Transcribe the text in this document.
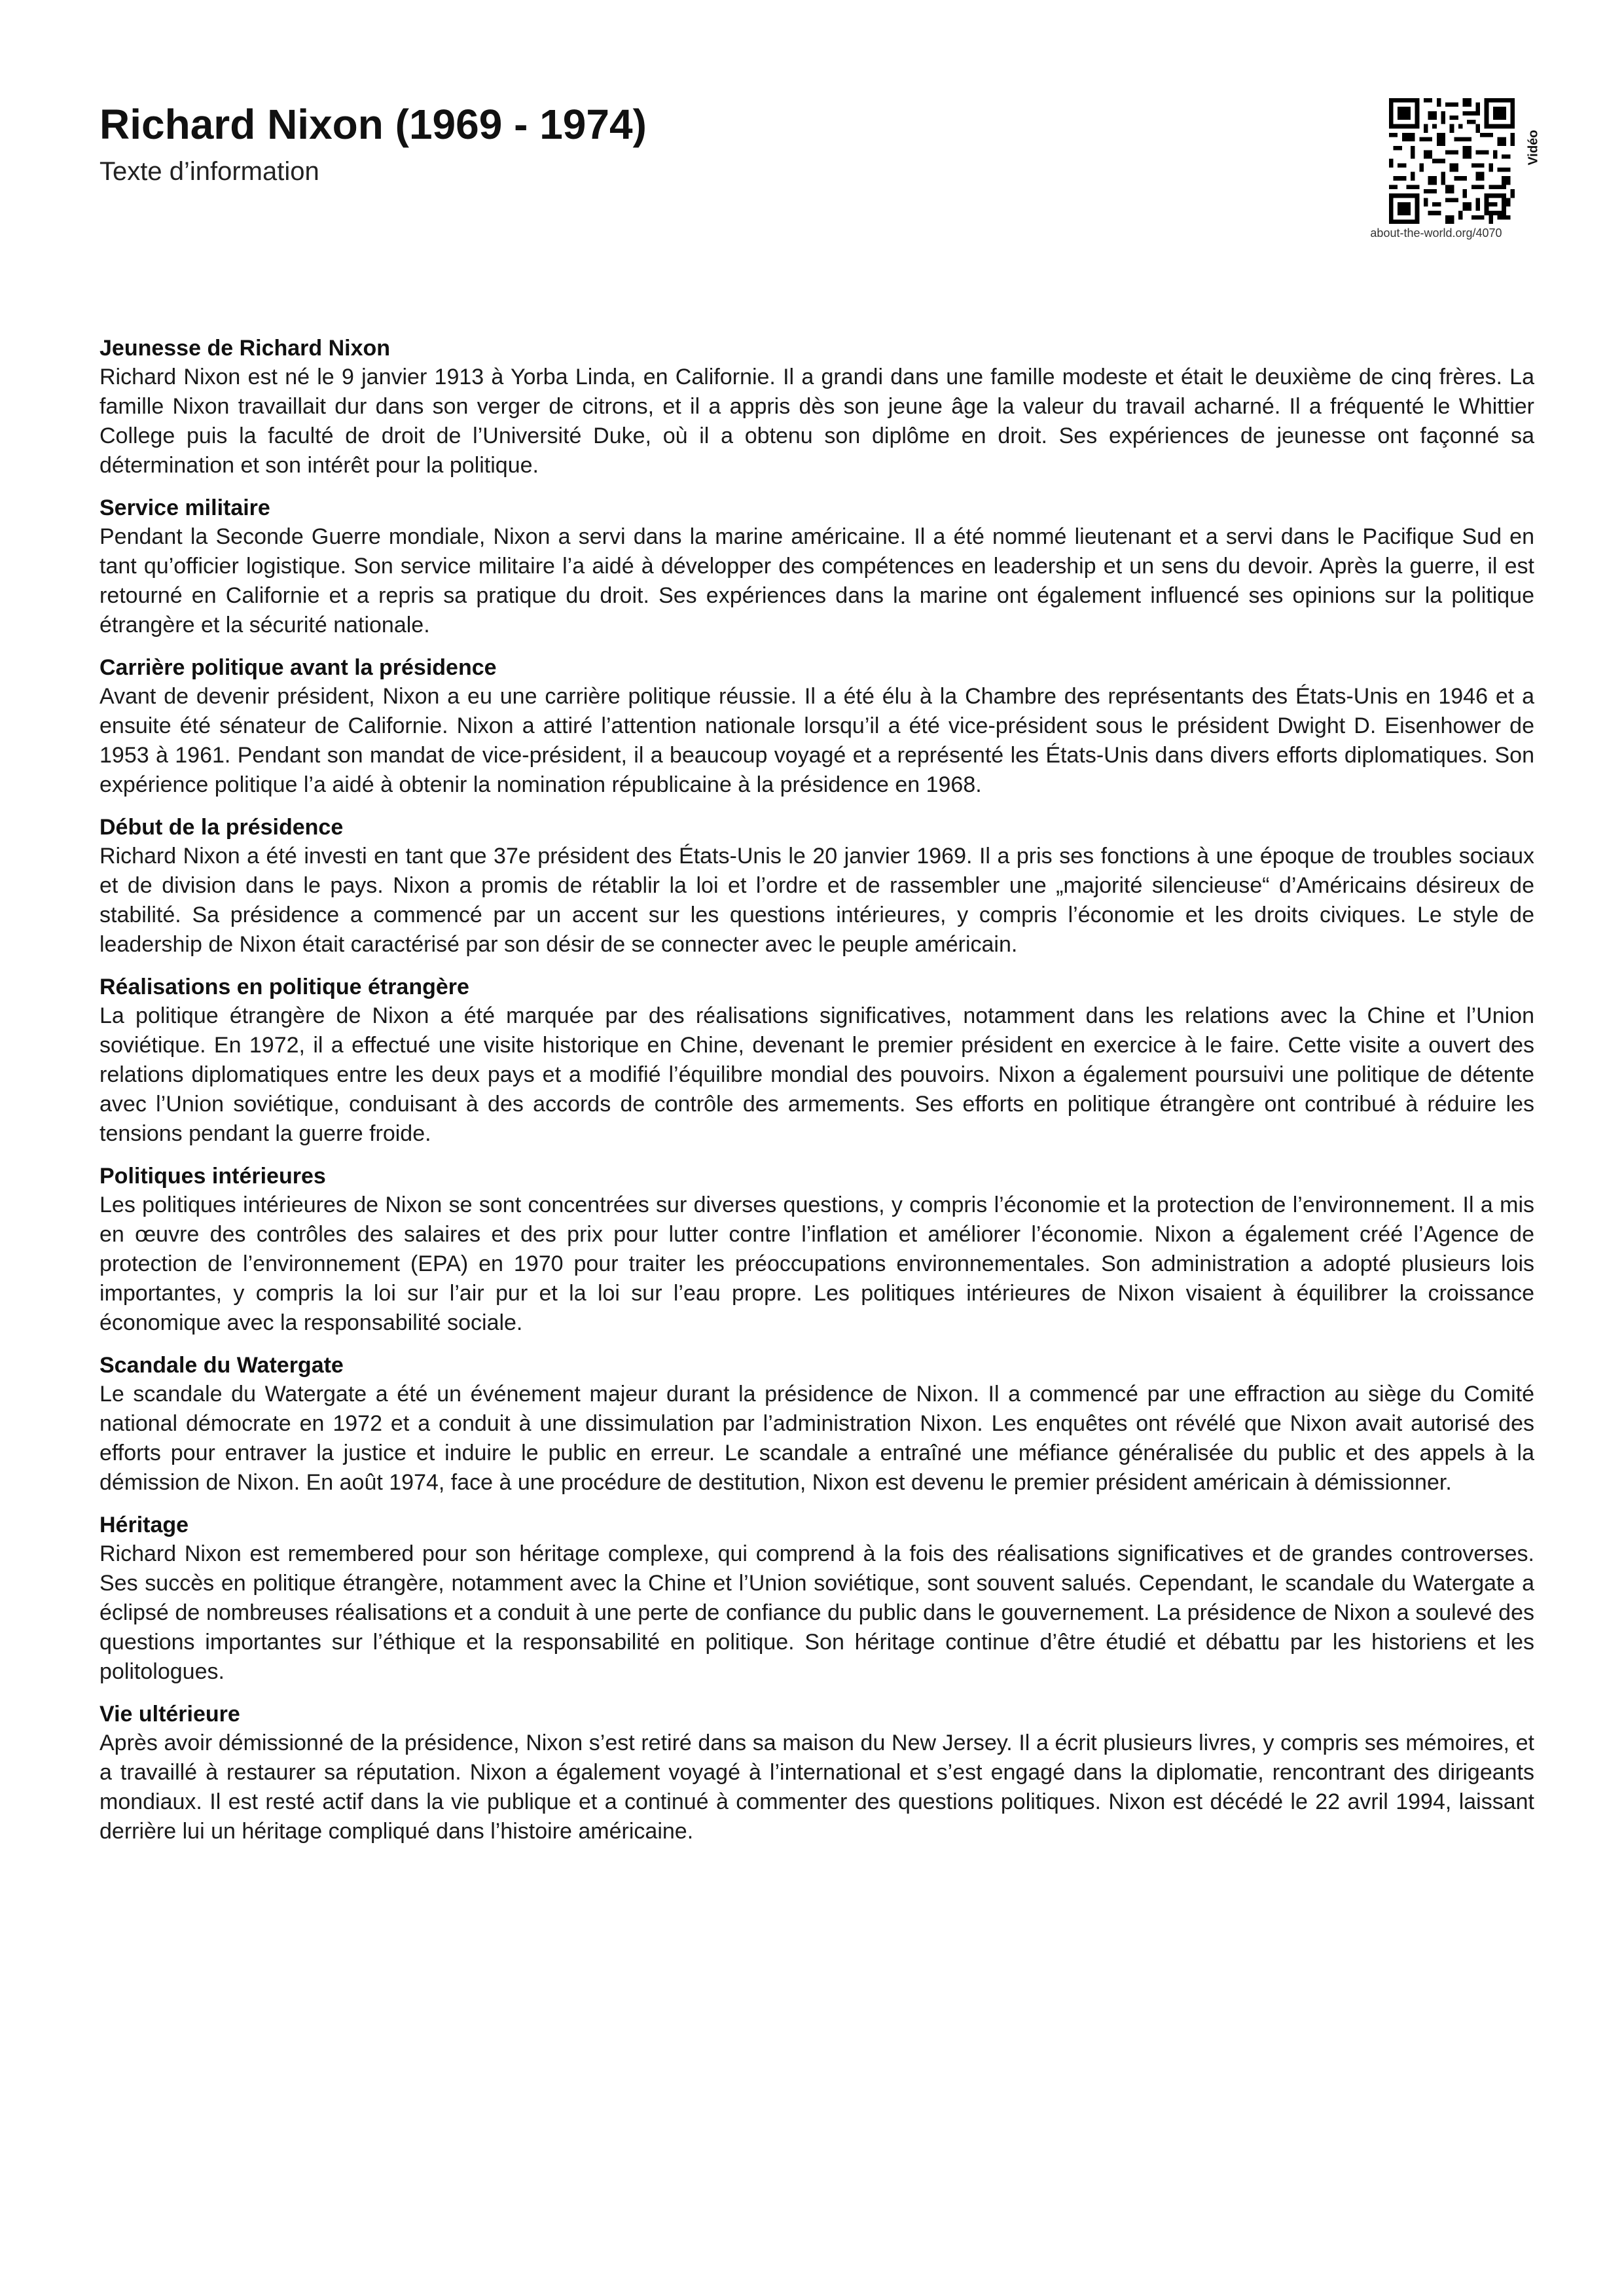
Richard Nixon (1969 - 1974)
Texte d’information
about-the-world.org/4070
Vidéo
Jeunesse de Richard Nixon

Richard Nixon est né le 9 janvier 1913 à Yorba Linda, en Californie. Il a grandi dans une famille modeste et était le deuxième de cinq frères. La famille Nixon travaillait dur dans son verger de citrons, et il a appris dès son jeune âge la valeur du travail acharné. Il a fréquenté le Whittier College puis la faculté de droit de l’Université Duke, où il a obtenu son diplôme en droit. Ses expériences de jeunesse ont façonné sa détermination et son intérêt pour la politique.

Service militaire

Pendant la Seconde Guerre mondiale, Nixon a servi dans la marine américaine. Il a été nommé lieutenant et a servi dans le Pacifique Sud en tant qu’officier logistique. Son service militaire l’a aidé à développer des compétences en leadership et un sens du devoir. Après la guerre, il est retourné en Californie et a repris sa pratique du droit. Ses expériences dans la marine ont également influencé ses opinions sur la politique étrangère et la sécurité nationale.

Carrière politique avant la présidence

Avant de devenir président, Nixon a eu une carrière politique réussie. Il a été élu à la Chambre des représentants des États-Unis en 1946 et a ensuite été sénateur de Californie. Nixon a attiré l’attention nationale lorsqu’il a été vice-président sous le président Dwight D. Eisenhower de 1953 à 1961. Pendant son mandat de vice-président, il a beaucoup voyagé et a représenté les États-Unis dans divers efforts diplomatiques. Son expérience politique l’a aidé à obtenir la nomination républicaine à la présidence en 1968.

Début de la présidence

Richard Nixon a été investi en tant que 37e président des États-Unis le 20 janvier 1969. Il a pris ses fonctions à une époque de troubles sociaux et de division dans le pays. Nixon a promis de rétablir la loi et l’ordre et de rassembler une „majorité silencieuse“ d’Américains désireux de stabilité. Sa présidence a commencé par un accent sur les questions intérieures, y compris l’économie et les droits civiques. Le style de leadership de Nixon était caractérisé par son désir de se connecter avec le peuple américain.

Réalisations en politique étrangère

La politique étrangère de Nixon a été marquée par des réalisations significatives, notamment dans les relations avec la Chine et l’Union soviétique. En 1972, il a effectué une visite historique en Chine, devenant le premier président en exercice à le faire. Cette visite a ouvert des relations diplomatiques entre les deux pays et a modifié l’équilibre mondial des pouvoirs. Nixon a également poursuivi une politique de détente avec l’Union soviétique, conduisant à des accords de contrôle des armements. Ses efforts en politique étrangère ont contribué à réduire les tensions pendant la guerre froide.

Politiques intérieures

Les politiques intérieures de Nixon se sont concentrées sur diverses questions, y compris l’économie et la protection de l’environnement. Il a mis en œuvre des contrôles des salaires et des prix pour lutter contre l’inflation et améliorer l’économie. Nixon a également créé l’Agence de protection de l’environnement (EPA) en 1970 pour traiter les préoccupations environnementales. Son administration a adopté plusieurs lois importantes, y compris la loi sur l’air pur et la loi sur l’eau propre. Les politiques intérieures de Nixon visaient à équilibrer la croissance économique avec la responsabilité sociale.

Scandale du Watergate

Le scandale du Watergate a été un événement majeur durant la présidence de Nixon. Il a commencé par une effraction au siège du Comité national démocrate en 1972 et a conduit à une dissimulation par l’administration Nixon. Les enquêtes ont révélé que Nixon avait autorisé des efforts pour entraver la justice et induire le public en erreur. Le scandale a entraîné une méfiance généralisée du public et des appels à la démission de Nixon. En août 1974, face à une procédure de destitution, Nixon est devenu le premier président américain à démissionner.

Héritage

Richard Nixon est remembered pour son héritage complexe, qui comprend à la fois des réalisations significatives et de grandes controverses. Ses succès en politique étrangère, notamment avec la Chine et l’Union soviétique, sont souvent salués. Cependant, le scandale du Watergate a éclipsé de nombreuses réalisations et a conduit à une perte de confiance du public dans le gouvernement. La présidence de Nixon a soulevé des questions importantes sur l’éthique et la responsabilité en politique. Son héritage continue d’être étudié et débattu par les historiens et les politologues.

Vie ultérieure

Après avoir démissionné de la présidence, Nixon s’est retiré dans sa maison du New Jersey. Il a écrit plusieurs livres, y compris ses mémoires, et a travaillé à restaurer sa réputation. Nixon a également voyagé à l’international et s’est engagé dans la diplomatie, rencontrant des dirigeants mondiaux. Il est resté actif dans la vie publique et a continué à commenter des questions politiques. Nixon est décédé le 22 avril 1994, laissant derrière lui un héritage compliqué dans l’histoire américaine.
